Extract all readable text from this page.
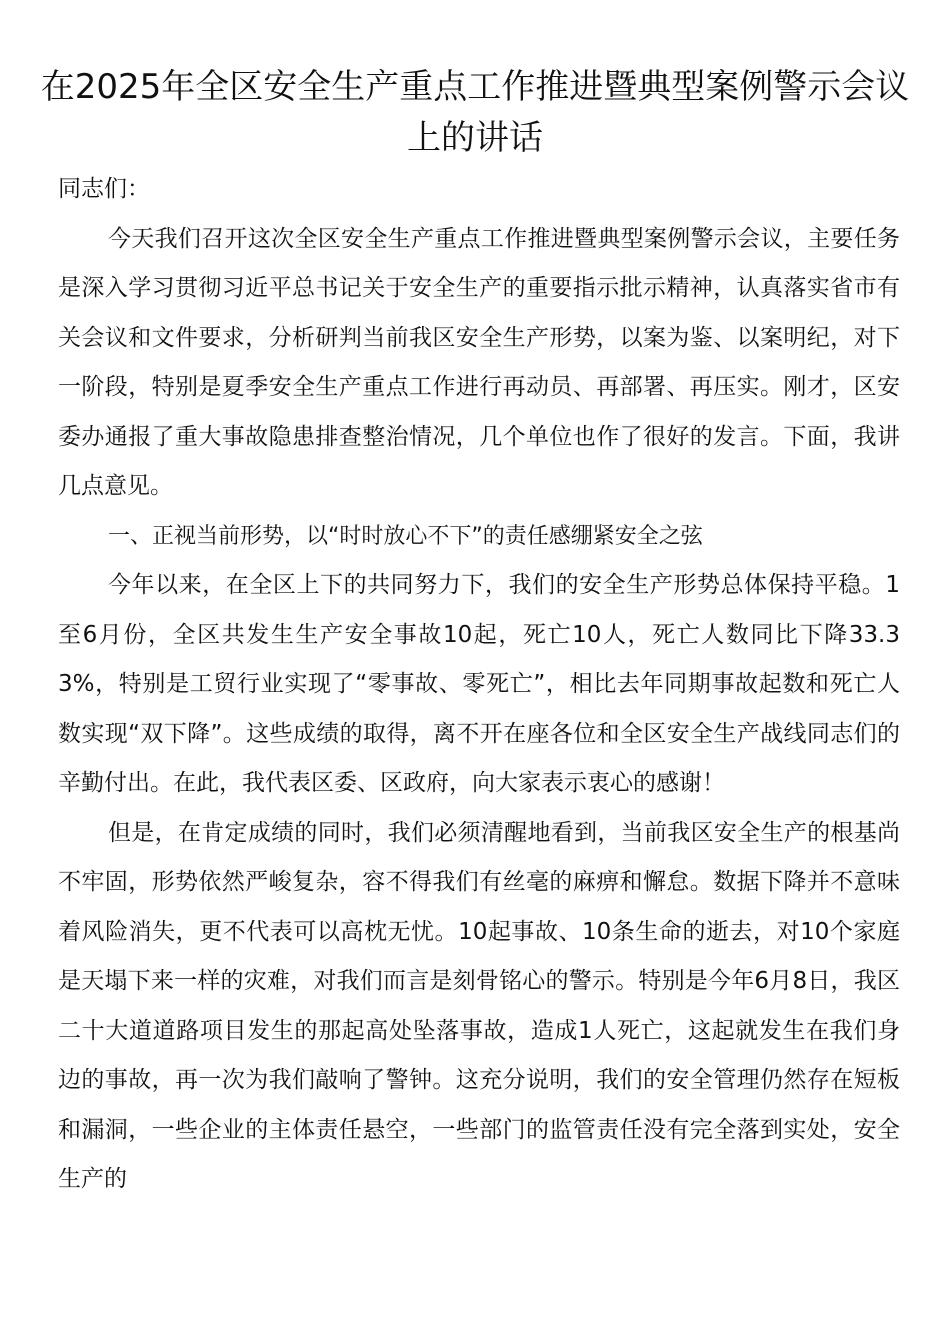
在2025年全区安全生产重点工作推进暨典型案例警示会议上的讲话

同志们：

今天我们召开这次全区安全生产重点工作推进暨典型案例警示会议，主要任务是深入学习贯彻习近平总书记关于安全生产的重要指示批示精神，认真落实省市有关会议和文件要求，分析研判当前我区安全生产形势，以案为鉴、以案明纪，对下一阶段，特别是夏季安全生产重点工作进行再动员、再部署、再压实。刚才，区安委办通报了重大事故隐患排查整治情况，几个单位也作了很好的发言。下面，我讲几点意见。

一、正视当前形势，以“时时放心不下”的责任感绷紧安全之弦

今年以来，在全区上下的共同努力下，我们的安全生产形势总体保持平稳。1至6月份，全区共发生生产安全事故10起，死亡10人，死亡人数同比下降33.33%，特别是工贸行业实现了“零事故、零死亡”，相比去年同期事故起数和死亡人数实现“双下降”。这些成绩的取得，离不开在座各位和全区安全生产战线同志们的辛勤付出。在此，我代表区委、区政府，向大家表示衷心的感谢！

但是，在肯定成绩的同时，我们必须清醒地看到，当前我区安全生产的根基尚不牢固，形势依然严峻复杂，容不得我们有丝毫的麻痹和懈怠。数据下降并不意味着风险消失，更不代表可以高枕无忧。10起事故、10条生命的逝去，对10个家庭是天塌下来一样的灾难，对我们而言是刻骨铭心的警示。特别是今年6月8日，我区二十大道道路项目发生的那起高处坠落事故，造成1人死亡，这起就发生在我们身边的事故，再一次为我们敲响了警钟。这充分说明，我们的安全管理仍然存在短板和漏洞，一些企业的主体责任悬空，一些部门的监管责任没有完全落到实处，安全生产的
